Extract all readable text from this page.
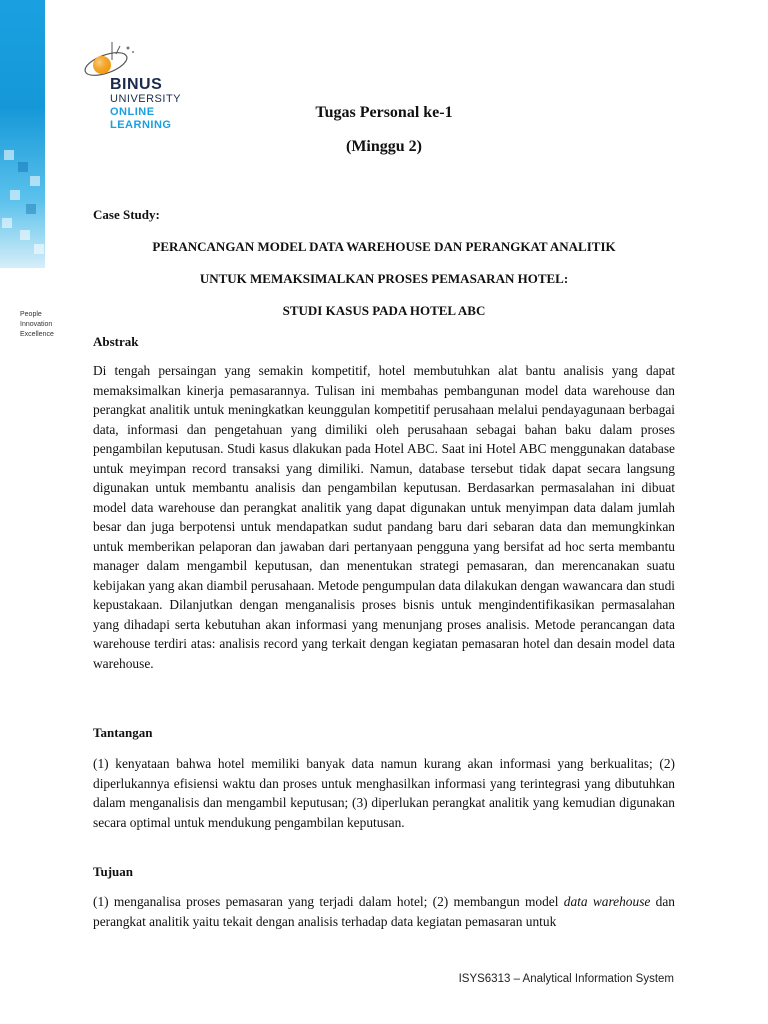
People
Innovation
Excellence
BINUS
UNIVERSITY
ONLINE
LEARNING
Tugas Personal ke-1
(Minggu 2)
Case Study:
PERANCANGAN MODEL DATA WAREHOUSE DAN PERANGKAT ANALITIK
UNTUK MEMAKSIMALKAN PROSES PEMASARAN HOTEL:
STUDI KASUS PADA HOTEL ABC
Abstrak

Di tengah persaingan yang semakin kompetitif, hotel membutuhkan alat bantu analisis yang dapat memaksimalkan kinerja pemasarannya. Tulisan ini membahas pembangunan model data warehouse dan perangkat analitik untuk meningkatkan keunggulan kompetitif perusahaan melalui pendayagunaan berbagai data, informasi dan pengetahuan yang dimiliki oleh perusahaan sebagai bahan baku dalam proses pengambilan keputusan. Studi kasus dlakukan pada Hotel ABC. Saat ini Hotel ABC menggunakan database untuk meyimpan record transaksi yang dimiliki. Namun, database tersebut tidak dapat secara langsung digunakan untuk membantu analisis dan pengambilan keputusan. Berdasarkan permasalahan ini dibuat model data warehouse dan perangkat analitik yang dapat digunakan untuk menyimpan data dalam jumlah besar dan juga berpotensi untuk mendapatkan sudut pandang baru dari sebaran data dan memungkinkan untuk memberikan pelaporan dan jawaban dari pertanyaan pengguna yang bersifat ad hoc serta membantu manager dalam mengambil keputusan, dan menentukan strategi pemasaran, dan merencanakan suatu kebijakan yang akan diambil perusahaan. Metode pengumpulan data dilakukan dengan wawancara dan studi kepustakaan. Dilanjutkan dengan menganalisis proses bisnis untuk mengindentifikasikan permasalahan yang dihadapi serta kebutuhan akan informasi yang menunjang proses analisis. Metode perancangan data warehouse terdiri atas: analisis record yang terkait dengan kegiatan pemasaran hotel dan desain model data warehouse.

Tantangan

(1) kenyataan bahwa hotel memiliki banyak data namun kurang akan informasi yang berkualitas; (2) diperlukannya efisiensi waktu dan proses untuk menghasilkan informasi yang terintegrasi yang dibutuhkan dalam menganalisis dan mengambil keputusan; (3) diperlukan perangkat analitik yang kemudian digunakan secara optimal untuk mendukung pengambilan keputusan.

Tujuan

(1) menganalisa proses pemasaran yang terjadi dalam hotel; (2) membangun model data warehouse dan perangkat analitik yaitu tekait dengan analisis terhadap data kegiatan pemasaran untuk

ISYS6313 – Analytical Information System
